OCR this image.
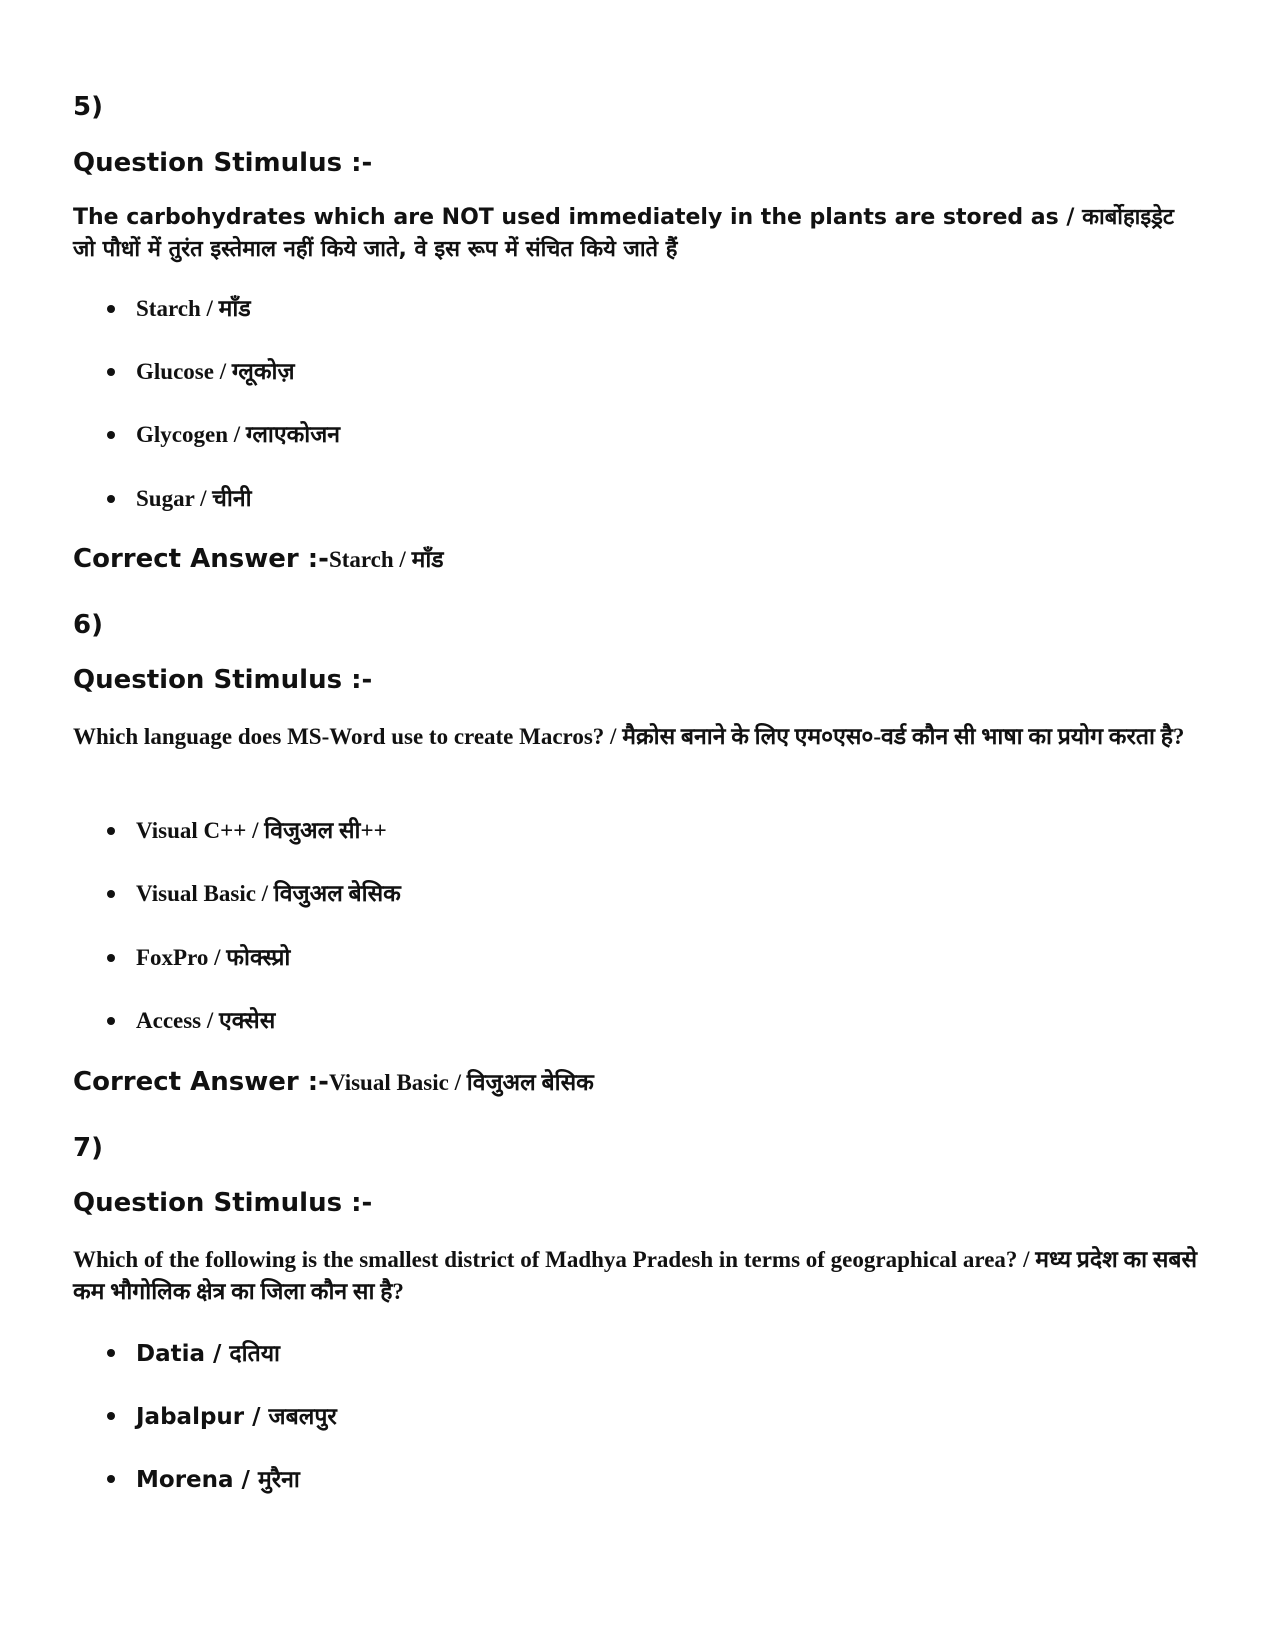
5)

Question Stimulus :-

The carbohydrates which are NOT used immediately in the plants are stored as / कार्बोहाइड्रेट जो पौधों में तुरंत इस्तेमाल नहीं किये जाते, वे इस रूप में संचित किये जाते हैं

Starch / माँड
Glucose / ग्लूकोज़
Glycogen / ग्लाएकोजन
Sugar / चीनी

Correct Answer :-Starch / माँड

6)

Question Stimulus :-

Which language does MS-Word use to create Macros? / मैक्रोस बनाने के लिए एम०एस०-वर्ड कौन सी भाषा का प्रयोग करता है?

Visual C++ / विजुअल सी++
Visual Basic / विजुअल बेसिक
FoxPro / फोक्स्प्रो
Access / एक्सेस

Correct Answer :-Visual Basic / विजुअल बेसिक

7)

Question Stimulus :-

Which of the following is the smallest district of Madhya Pradesh in terms of geographical area? / मध्य प्रदेश का सबसे कम भौगोलिक क्षेत्र का जिला कौन सा है?

Datia / दतिया
Jabalpur / जबलपुर
Morena / मुरैना
